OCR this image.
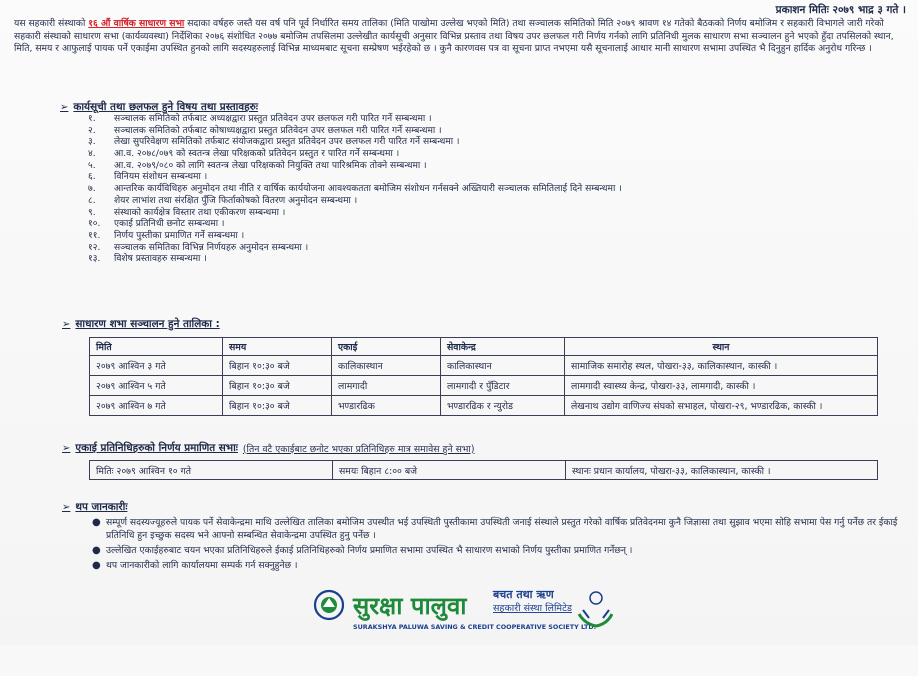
प्रकाशन मितिः २०७९ भाद्र ३ गते ।
यस सहकारी संस्थाको १६ औं वार्षिक साधारण सभा सदाका वर्षहरु जस्तै यस वर्ष पनि पूर्व निर्धारित समय तालिका (मिति पाखोमा उल्लेख भएको मिति) तथा सञ्चालक समितिको मिति २०७९ श्रावण १४ गतेको बैठकको निर्णय बमोजिम र सहकारी विभागले जारी गरेको सहकारी संस्थाको साधारण सभा (कार्यव्यवस्था) निर्देशिका २०७६ संशोधित २०७७ बमोजिम तपसिलमा उल्लेखीत कार्यसूची अनुसार विभिन्न प्रस्ताव तथा विषय उपर छलफल गरी निर्णय गर्नको लागि प्रतिनिधी मुलक साधारण सभा सञ्चालन हुने भएको हुँदा तपसिलको स्थान, मिति, समय र आफुलाई पायक पर्ने एकाईमा उपस्थित हुनको लागि सदस्यहरुलाई विभिन्न माध्यमबाट सूचना सम्प्रेषण भईरहेको छ । कुनै कारणवस पत्र वा सूचना प्राप्त नभएमा यसै सूचनालाई आधार मानी साधारण सभामा उपस्थित भै दिनुहुन हार्दिक अनुरोध गरिन्छ ।
➢ कार्यसूची तथा छलफल हुने विषय तथा प्रस्तावहरुः
१.	सञ्चालक समितिको तर्फबाट अध्यक्षद्वारा प्रस्तुत प्रतिवेदन उपर छलफल गरी पारित गर्ने सम्बन्धमा ।
२.	सञ्चालक समितिको तर्फबाट कोषाध्यक्षद्वारा प्रस्तुत प्रतिवेदन उपर छलफल गरी पारित गर्ने सम्बन्धमा ।
३.	लेखा सुपरिवेक्षण समितिको तर्फबाट संयोजकद्वारा प्रस्तुत प्रतिवेदन उपर छलफल गरी पारित गर्ने सम्बन्धमा ।
४.	आ.व. २०७८/०७९ को स्वतन्त्र लेखा परिक्षकको प्रतिवेदन प्रस्तुत र पारित गर्ने सम्बन्धमा ।
५.	आ.व. २०७९/०८० को लागि स्वतन्त्र लेखा परिक्षकको नियुक्ति तथा पारिश्रमिक तोक्ने सम्बन्धमा ।
६.	विनियम संशोधन सम्बन्धमा ।
७.	आन्तरिक कार्यविधिहरु अनुमोदन तथा नीति र वार्षिक कार्ययोजना आवश्यकतता बमोजिम संशोधन गर्नसक्ने अख्तियारी सञ्चालक समितिलाई दिने सम्बन्धमा ।
८.	शेयर लाभांश तथा संरक्षित पुँजि फिर्ताकोषको वितरण अनुमोदन सम्बन्धमा ।
९.	संस्थाको कार्यक्षेत्र विस्तार तथा एकीकरण सम्बन्धमा ।
१०.	एकाई प्रतिनिधी छनोट सम्बन्धमा ।
११.	निर्णय पुस्तीका प्रमाणित गर्ने सम्बन्धमा ।
१२.	सञ्चालक समितिका विभिन्न निर्णयहरु अनुमोदन सम्बन्धमा ।
१३.	विशेष प्रस्तावहरु सम्बन्धमा ।
➢ साधारण शभा सञ्चालन हुने तालिका :
मिति	समय	एकाई	सेवाकेन्द्र	स्थान
२०७९ आश्विन ३ गते	बिहान १०:३० बजे	कालिकास्थान	कालिकास्थान	सामाजिक समारोह स्थल, पोखरा-३३, कालिकास्थान, कास्की ।
२०७९ आश्विन ५ गते	बिहान १०:३० बजे	लामगादी	लामगादी र पुँडिटार	लामगादी स्वास्थ्य केन्द्र, पोखरा-३३, लामगादी, कास्की ।
२०७९ आश्विन ७ गते	बिहान १०:३० बजे	भण्डारढिक	भण्डारढिक र न्युरोड	लेखनाथ उद्योग वाणिज्य संघको सभाहल, पोखरा-२९, भण्डारढिक, कास्की ।
➢ एकाई प्रतिनिधिहरुको निर्णय प्रमाणित सभाः (तिन वटै एकाईबाट छनोट भएका प्रतिनिधिहरु मात्र समावेस हुने सभा)
मितिः २०७९ आश्विन १० गते	समयः बिहान ८:०० बजे	स्थानः प्रधान कार्यालय, पोखरा-३३, कालिकास्थान, कास्की ।
➢ थप जानकारीः
● सम्पूर्ण सदस्यज्यूहरुले पायक पर्ने सेवाकेन्द्रमा माथि उल्लेखित तालिका बमोजिम उपस्थीत भई उपस्थिती पुस्तीकामा उपस्थिती जनाई संस्थाले प्रस्तुत गरेको वार्षिक प्रतिवेदनमा कुनै जिज्ञासा तथा सुझाव भएमा सोहि सभामा पेस गर्नु पर्नेछ तर ईकाई प्रतिनिधि हुन इच्छुक सदस्य भने आफ्नो सम्बन्धित सेवाकेन्द्रमा उपस्थित हुनु पर्नेछ ।
● उल्लेखित एकाईहरुबाट चयन भएका प्रतिनिधिहरुले ईकाई प्रतिनिधिहरुको निर्णय प्रमाणित सभामा उपस्थित भै साधारण सभाको निर्णय पुस्तीका प्रमाणित गर्नेछन् ।
● थप जानकारीको लागि कार्यालयमा सम्पर्क गर्न सक्नुहुनेछ ।
सुरक्षा पालुवा बचत तथा ऋण
सहकारी संस्था लिमिटेड
SURAKSHYA PALUWA SAVING & CREDIT COOPERATIVE SOCIETY LTD.
